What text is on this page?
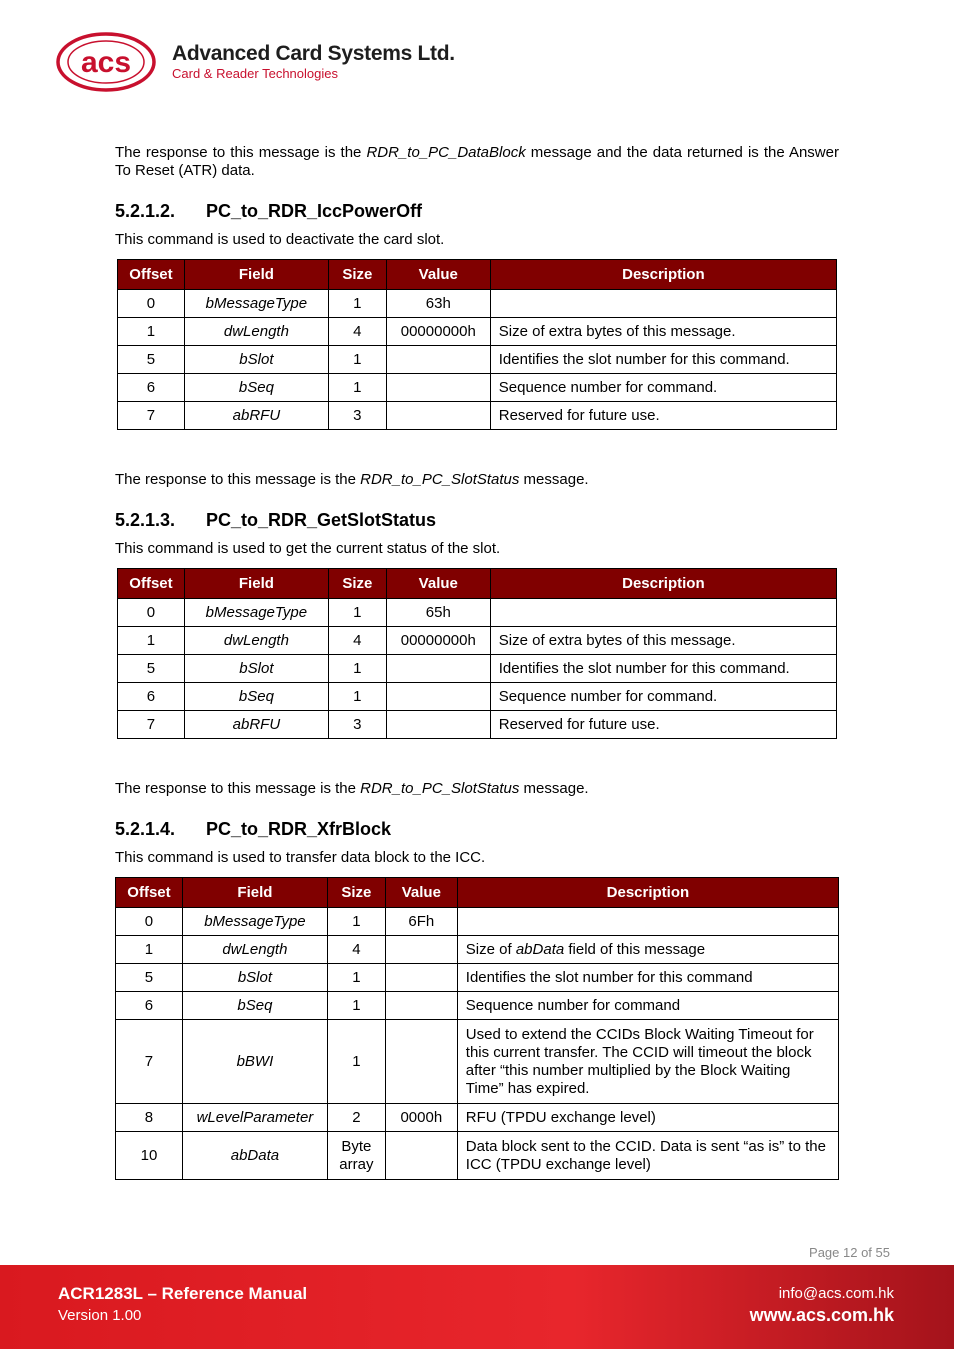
acs Advanced Card Systems Ltd.
Card & Reader Technologies

The response to this message is the RDR_to_PC_DataBlock message and the data returned is the Answer To Reset (ATR) data.

5.2.1.2. PC_to_RDR_IccPowerOff

This command is used to deactivate the card slot.

Offset	Field	Size	Value	Description
0	bMessageType	1	63h	
1	dwLength	4	00000000h	Size of extra bytes of this message.
5	bSlot	1		Identifies the slot number for this command.
6	bSeq	1		Sequence number for command.
7	abRFU	3		Reserved for future use.

The response to this message is the RDR_to_PC_SlotStatus message.

5.2.1.3. PC_to_RDR_GetSlotStatus

This command is used to get the current status of the slot.

Offset	Field	Size	Value	Description
0	bMessageType	1	65h	
1	dwLength	4	00000000h	Size of extra bytes of this message.
5	bSlot	1		Identifies the slot number for this command.
6	bSeq	1		Sequence number for command.
7	abRFU	3		Reserved for future use.

The response to this message is the RDR_to_PC_SlotStatus message.

5.2.1.4. PC_to_RDR_XfrBlock

This command is used to transfer data block to the ICC.

Offset	Field	Size	Value	Description
0	bMessageType	1	6Fh	
1	dwLength	4		Size of abData field of this message
5	bSlot	1		Identifies the slot number for this command
6	bSeq	1		Sequence number for command
7	bBWI	1		Used to extend the CCIDs Block Waiting Timeout for this current transfer. The CCID will timeout the block after “this number multiplied by the Block Waiting Time” has expired.
8	wLevelParameter	2	0000h	RFU (TPDU exchange level)
10	abData	Byte array		Data block sent to the CCID. Data is sent “as is” to the ICC (TPDU exchange level)
Page 12 of 55
ACR1283L – Reference Manual
Version 1.00
info@acs.com.hk
www.acs.com.hk
